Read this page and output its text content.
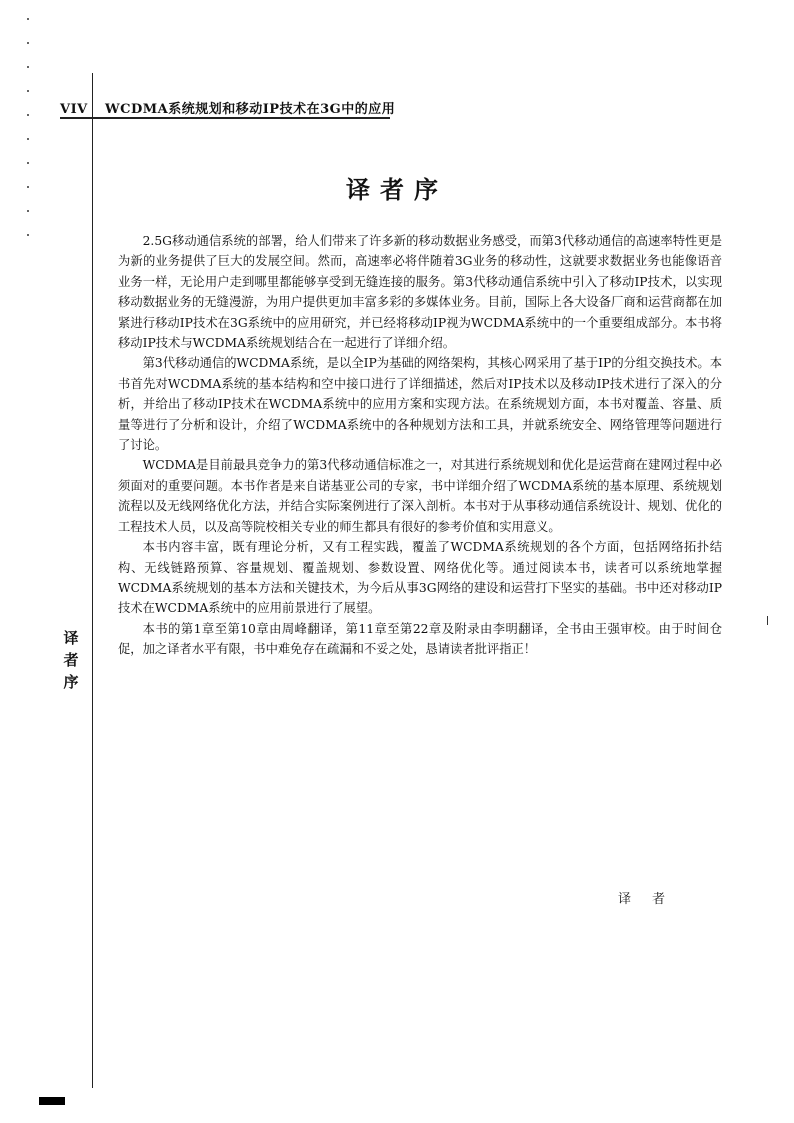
VIV WCDMA系统规划和移动IP技术在3G中的应用
译者序

2.5G移动通信系统的部署，给人们带来了许多新的移动数据业务感受，而第3代移动通信的高速率特性更是为新的业务提供了巨大的发展空间。然而，高速率必将伴随着3G业务的移动性，这就要求数据业务也能像语音业务一样，无论用户走到哪里都能够享受到无缝连接的服务。第3代移动通信系统中引入了移动IP技术，以实现移动数据业务的无缝漫游，为用户提供更加丰富多彩的多媒体业务。目前，国际上各大设备厂商和运营商都在加紧进行移动IP技术在3G系统中的应用研究，并已经将移动IP视为WCDMA系统中的一个重要组成部分。本书将移动IP技术与WCDMA系统规划结合在一起进行了详细介绍。

第3代移动通信的WCDMA系统，是以全IP为基础的网络架构，其核心网采用了基于IP的分组交换技术。本书首先对WCDMA系统的基本结构和空中接口进行了详细描述，然后对IP技术以及移动IP技术进行了深入的分析，并给出了移动IP技术在WCDMA系统中的应用方案和实现方法。在系统规划方面，本书对覆盖、容量、质量等进行了分析和设计，介绍了WCDMA系统中的各种规划方法和工具，并就系统安全、网络管理等问题进行了讨论。

WCDMA是目前最具竞争力的第3代移动通信标准之一，对其进行系统规划和优化是运营商在建网过程中必须面对的重要问题。本书作者是来自诺基亚公司的专家，书中详细介绍了WCDMA系统的基本原理、系统规划流程以及无线网络优化方法，并结合实际案例进行了深入剖析。本书对于从事移动通信系统设计、规划、优化的工程技术人员，以及高等院校相关专业的师生都具有很好的参考价值和实用意义。

本书内容丰富，既有理论分析，又有工程实践，覆盖了WCDMA系统规划的各个方面，包括网络拓扑结构、无线链路预算、容量规划、覆盖规划、参数设置、网络优化等。通过阅读本书，读者可以系统地掌握WCDMA系统规划的基本方法和关键技术，为今后从事3G网络的建设和运营打下坚实的基础。书中还对移动IP技术在WCDMA系统中的应用前景进行了展望。

本书的第1章至第10章由周峰翻译，第11章至第22章及附录由李明翻译，全书由王强审校。由于时间仓促，加之译者水平有限，书中难免存在疏漏和不妥之处，恳请读者批评指正！

译
者
序
译　者
